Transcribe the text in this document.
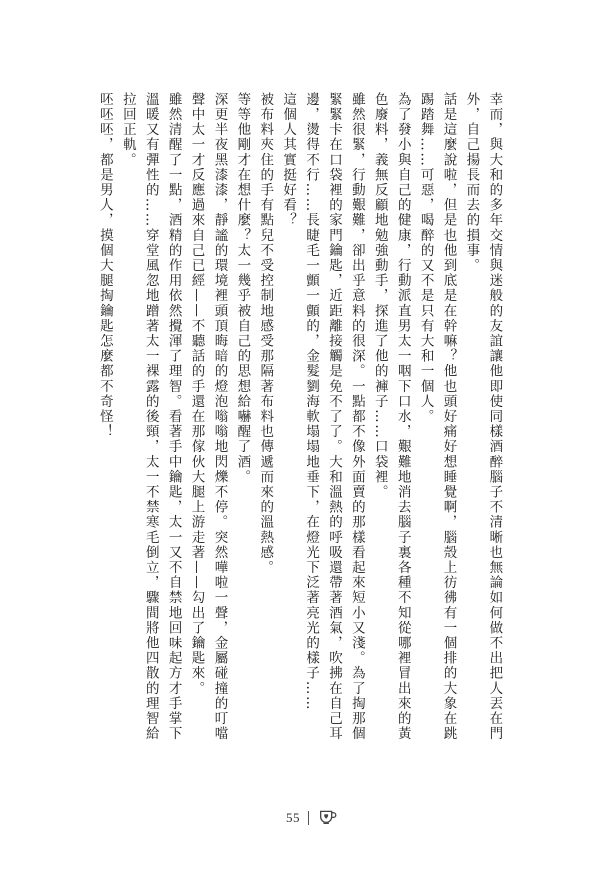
幸而，與大和的多年交情與迷般的友誼讓他即使同樣酒醉腦子不清晰也無論如何做不出把人丟在門外，自己揚長而去的損事。

話是這麼說啦，但是也他到底是在幹嘛？他也頭好痛好想睡覺啊，腦殼上彷彿有一個排的大象在跳踢踏舞……可惡，喝醉的又不是只有大和一個人。

為了發小與自己的健康，行動派直男太一咽下口水，艱難地消去腦子裏各種不知從哪裡冒出來的黃色廢料，義無反顧地勉強動手，探進了他的褲子……口袋裡。

雖然很緊，行動艱難，卻出乎意料的很深。一點都不像外面賣的那樣看起來短小又淺。為了掏那個緊緊卡在口袋裡的家門鑰匙，近距離接觸是免不了了。大和溫熱的呼吸還帶著酒氣，吹拂在自己耳邊，燙得不行……長睫毛一顫一顫的，金髮劉海軟塌塌地垂下，在燈光下泛著亮光的樣子……

這個人其實挺好看？

被布料夾住的手有點兒不受控制地感受那隔著布料也傳遞而來的溫熱感。

等等他剛才在想什麼？太一幾乎被自己的思想給嚇醒了酒。

深更半夜黑漆漆，靜謐的環境裡頭頂晦暗的燈泡嗡嗡地閃爍不停。突然嘩啦一聲，金屬碰撞的叮噹聲中太一才反應過來自己已經——不聽話的手還在那傢伙大腿上游走著——勾出了鑰匙來。

雖然清醒了一點，酒精的作用依然攪渾了理智。看著手中鑰匙，太一又不自禁地回味起方才手掌下溫暖又有彈性的……穿堂風忽地蹭著太一裸露的後頸，太一不禁寒毛倒立，驟間將他四散的理智給拉回正軌。

呸呸呸，都是男人，摸個大腿掏鑰匙怎麼都不奇怪！

55
